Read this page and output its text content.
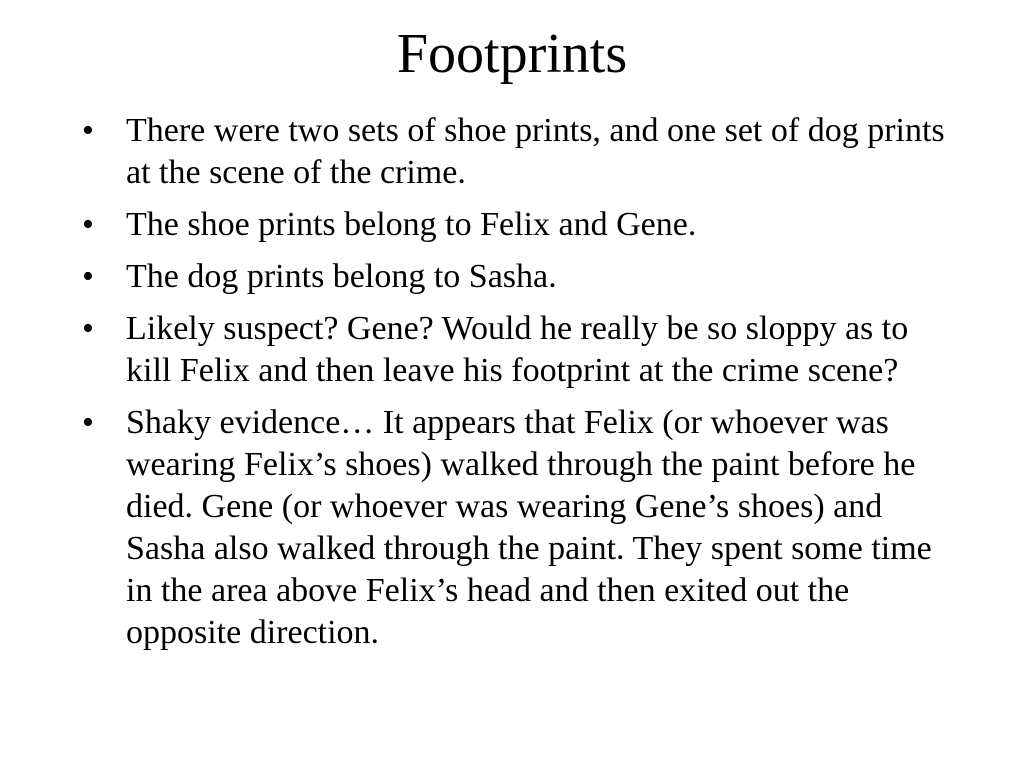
Footprints
• There were two sets of shoe prints, and one set of dog prints at the scene of the crime.
• The shoe prints belong to Felix and Gene.
• The dog prints belong to Sasha.
• Likely suspect? Gene? Would he really be so sloppy as to kill Felix and then leave his footprint at the crime scene?
• Shaky evidence… It appears that Felix (or whoever was wearing Felix’s shoes) walked through the paint before he died. Gene (or whoever was wearing Gene’s shoes) and Sasha also walked through the paint. They spent some time in the area above Felix’s head and then exited out the opposite direction.
